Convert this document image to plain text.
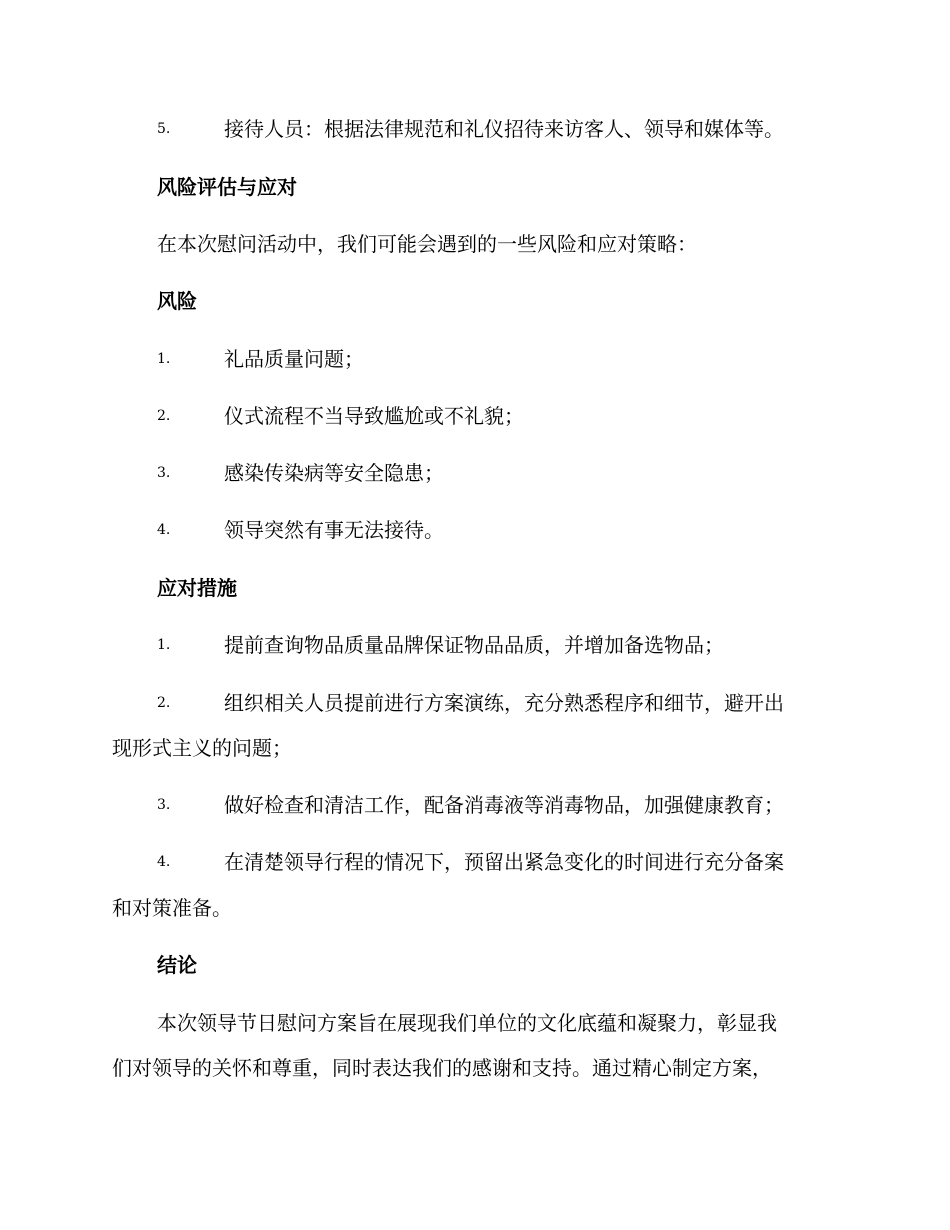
5.	接待人员：根据法律规范和礼仪招待来访客人、领导和媒体等。
风险评估与应对
在本次慰问活动中，我们可能会遇到的一些风险和应对策略：
风险
1.	礼品质量问题；
2.	仪式流程不当导致尴尬或不礼貌；
3.	感染传染病等安全隐患；
4.	领导突然有事无法接待。
应对措施
1.	提前查询物品质量品牌保证物品品质，并增加备选物品；
2.	组织相关人员提前进行方案演练，充分熟悉程序和细节，避开出
现形式主义的问题；
3.	做好检查和清洁工作，配备消毒液等消毒物品，加强健康教育；
4.	在清楚领导行程的情况下，预留出紧急变化的时间进行充分备案
和对策准备。
结论
本次领导节日慰问方案旨在展现我们单位的文化底蕴和凝聚力，彰显我
们对领导的关怀和尊重，同时表达我们的感谢和支持。通过精心制定方案，
